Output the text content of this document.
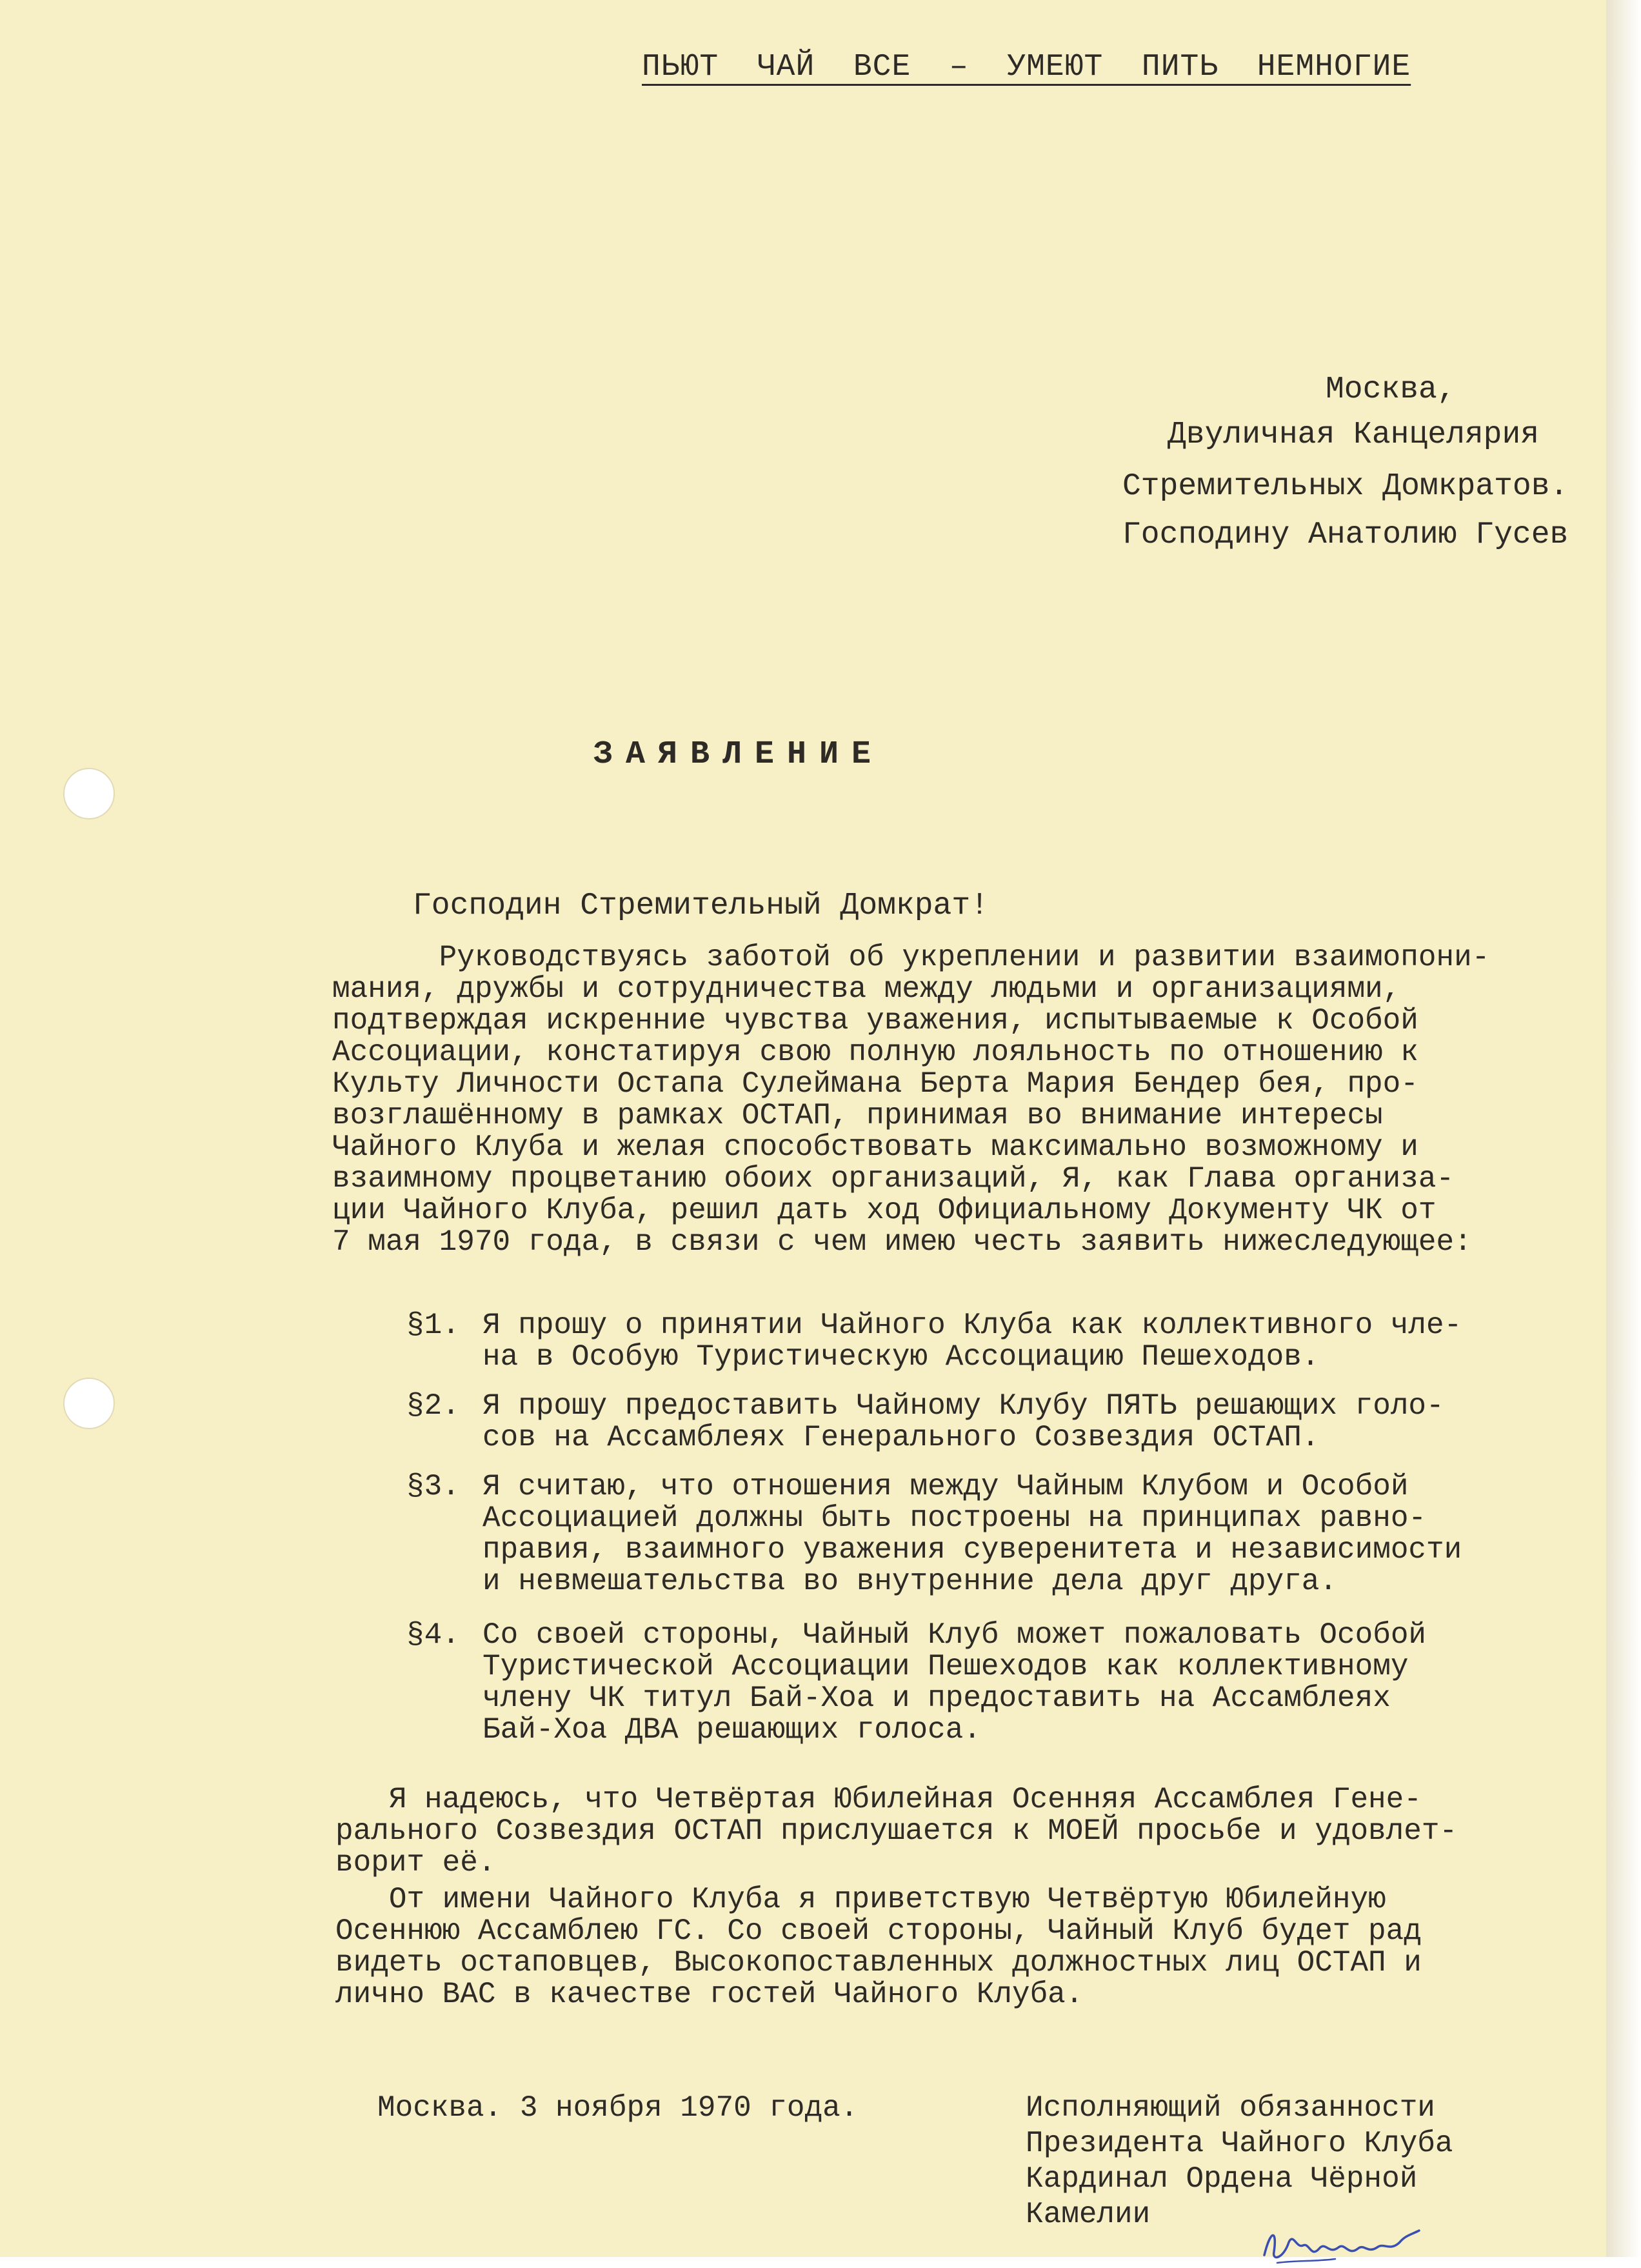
ПЬЮТ  ЧАЙ  ВСЕ  –  УМЕЮТ  ПИТЬ  НЕМНОГИЕ

Москва,

Двуличная Канцелярия

Стремительных Домкратов.

Господину Анатолию Гусев

ЗАЯВЛЕНИЕ

Господин Стремительный Домкрат!

Руководствуясь заботой об укреплении и развитии взаимопони-
мания, дружбы и сотрудничества между людьми и организациями,
подтверждая искренние чувства уважения, испытываемые к Особой
Ассоциации, констатируя свою полную лояльность по отношению к
Культу Личности Остапа Сулеймана Берта Мария Бендер бея, про-
возглашённому в рамках ОСТАП, принимая во внимание интересы
Чайного Клуба и желая способствовать максимально возможному и
взаимному процветанию обоих организаций, Я, как Глава организа-
ции Чайного Клуба, решил дать ход Официальному Документу ЧК от
7 мая 1970 года, в связи с чем имею честь заявить нижеследующее:

§1. Я прошу о принятии Чайного Клуба как коллективного чле-
на в Особую Туристическую Ассоциацию Пешеходов.

§2. Я прошу предоставить Чайному Клубу ПЯТЬ решающих голо-
сов на Ассамблеях Генерального Созвездия ОСТАП.

§3. Я считаю, что отношения между Чайным Клубом и Особой
Ассоциацией должны быть построены на принципах равно-
правия, взаимного уважения суверенитета и независимости
и невмешательства во внутренние дела друг друга.

§4. Со своей стороны, Чайный Клуб может пожаловать Особой
Туристической Ассоциации Пешеходов как коллективному
члену ЧК титул Бай-Хоа и предоставить на Ассамблеях
Бай-Хоа ДВА решающих голоса.

Я надеюсь, что Четвёртая Юбилейная Осенняя Ассамблея Гене-
рального Созвездия ОСТАП прислушается к МОЕЙ просьбе и удовлет-
ворит её.

От имени Чайного Клуба я приветствую Четвёртую Юбилейную
Осеннюю Ассамблею ГС. Со своей стороны, Чайный Клуб будет рад
видеть остаповцев, Высокопоставленных должностных лиц ОСТАП и
лично ВАС в качестве гостей Чайного Клуба.

Москва. 3 ноября 1970 года.	Исполняющий обязанности
Президента Чайного Клуба
Кардинал Ордена Чёрной
Камелии
